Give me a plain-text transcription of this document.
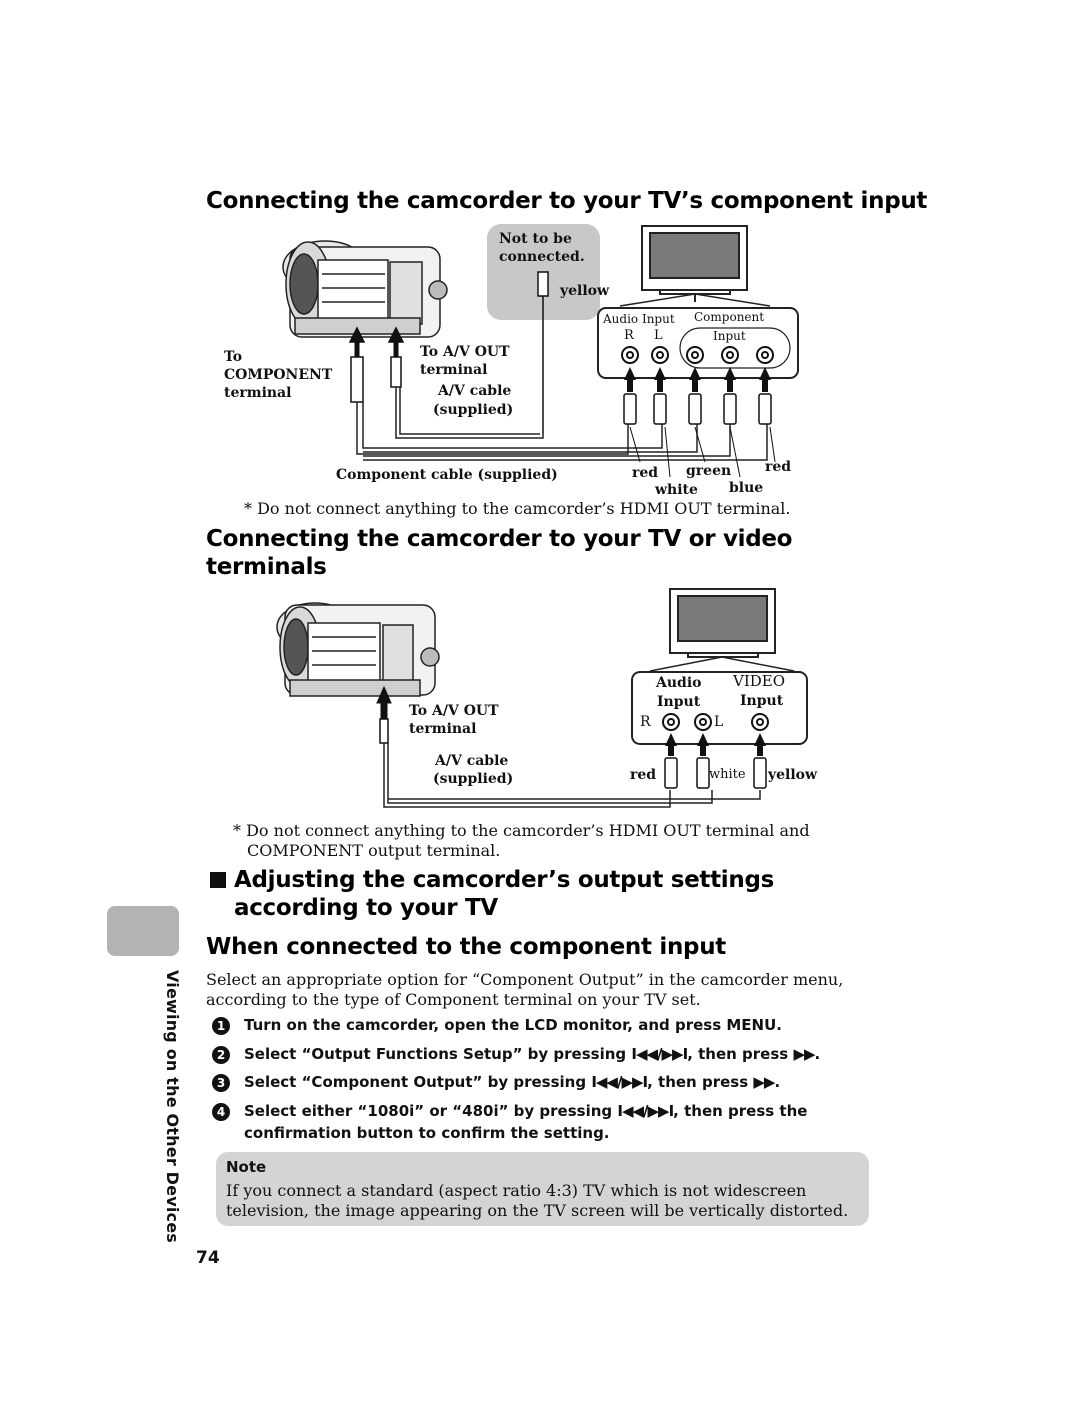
Connecting the camcorder to your TV’s component input
Not to be
connected.
yellow
To
COMPONENT
terminal
To A/V OUT
terminal
A/V cable
(supplied)
Audio Input Component
Input
R L
Component cable (supplied)	red green red
white blue
* Do not connect anything to the camcorder’s HDMI OUT terminal.
Connecting the camcorder to your TV or video
terminals
To A/V OUT
terminal
A/V cable
(supplied)
Audio
Input
VIDEO
Input
R	L
red	white yellow
* Do not connect anything to the camcorder’s HDMI OUT terminal and
COMPONENT output terminal.
Adjusting the camcorder’s output settings
according to your TV
When connected to the component input
Select an appropriate option for “Component Output” in the camcorder menu,
according to the type of Component terminal on your TV set.
1	Turn on the camcorder, open the LCD monitor, and press MENU.
2	Select “Output Functions Setup” by pressing I◀◀/▶▶I, then press ▶▶.
3	Select “Component Output” by pressing I◀◀/▶▶I, then press ▶▶.
4	Select either “1080i” or “480i” by pressing I◀◀/▶▶I, then press the
confirmation button to confirm the setting.
Note
If you connect a standard (aspect ratio 4:3) TV which is not widescreen
television, the image appearing on the TV screen will be vertically distorted.
Viewing on the Other Devices
74
